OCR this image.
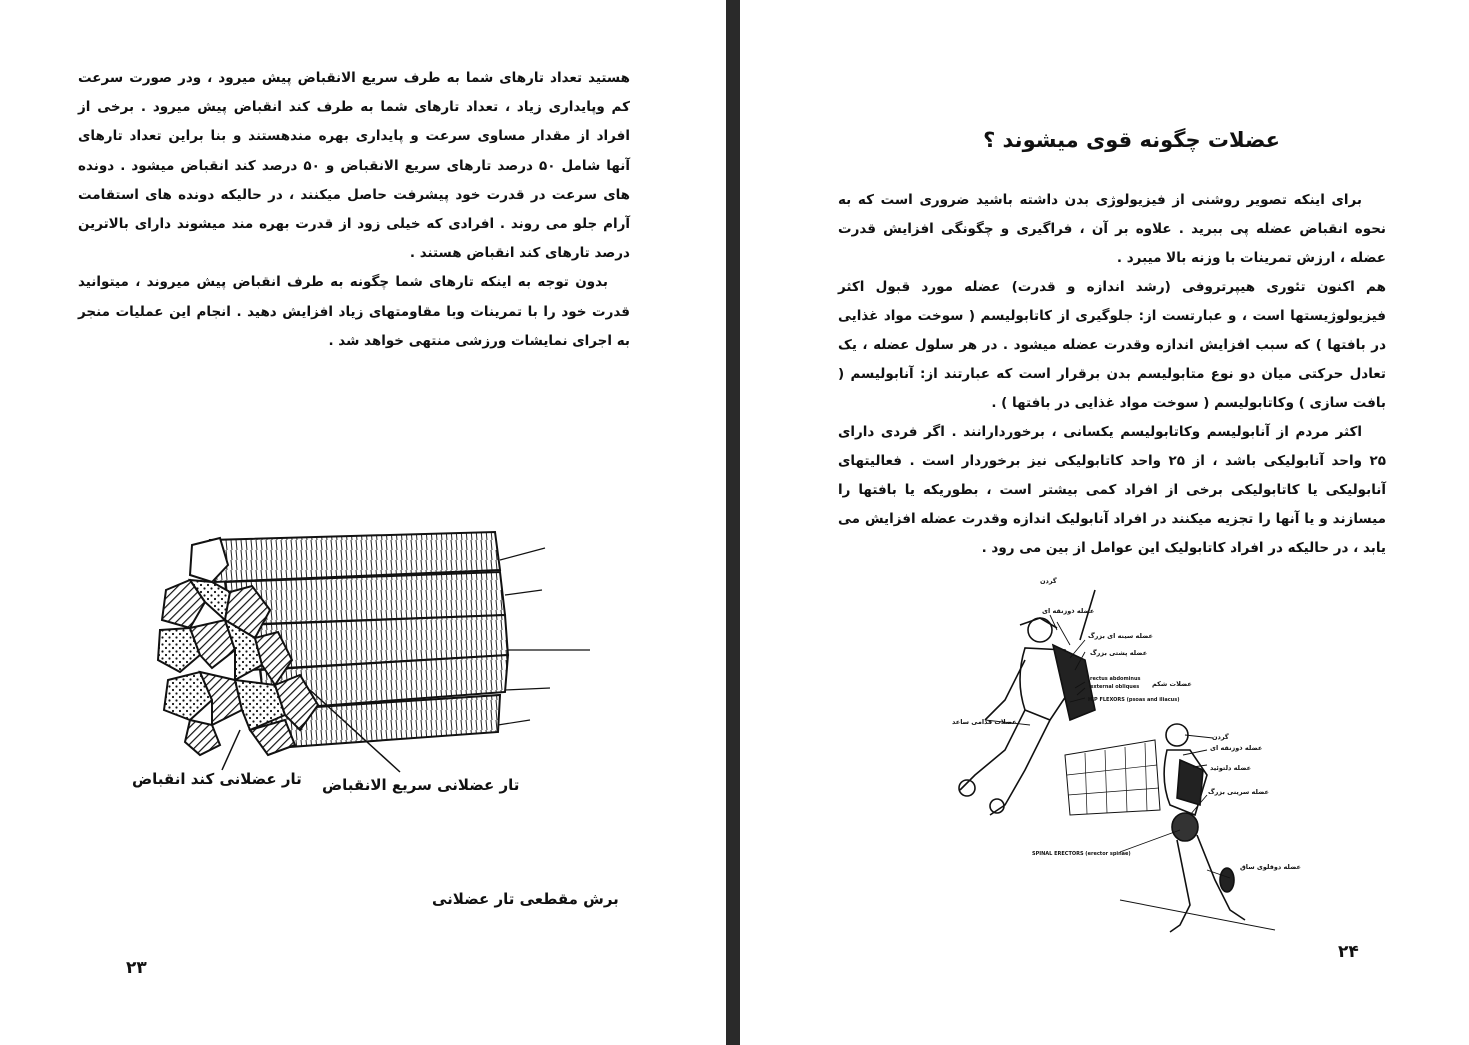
هستید تعداد تارهای شما به طرف سریع الانقباض پیش میرود ، ودر صورت سرعت کم وپایداری زیاد ، تعداد تارهای شما به طرف کند انقباض پیش میرود . برخی از افراد از مقدار مساوی سرعت و پایداری بهره مندهستند و بنا براین تعداد تارهای آنها شامل ۵۰ درصد تارهای سریع الانقباض و ۵۰ درصد کند انقباض میشود . دونده های سرعت در قدرت خود پیشرفت حاصل میکنند ، در حالیکه دونده های استقامت آرام جلو می روند . افرادی که خیلی زود از قدرت بهره مند میشوند دارای بالاترین درصد تارهای کند انقباض هستند .

بدون توجه به اینکه تارهای شما چگونه به طرف انقباض پیش میروند ، میتوانید قدرت خود را با تمرینات وبا مقاومتهای زیاد افزایش دهید . انجام این عملیات منجر به اجرای نمایشات ورزشی منتهی خواهد شد .

تار عضلانی کند انقباض تار عضلانی سریع الانقباض
برش مقطعی تار عضلانی
۲۳
عضلات چگونه قوی میشوند ؟

برای اینکه تصویر روشنی از فیزیولوژی بدن داشته باشید ضروری است که به نحوه انقباض عضله پی ببرید . علاوه بر آن ، فراگیری و چگونگی افزایش قدرت عضله ، ارزش تمرینات با وزنه بالا میبرد .

هم اکنون تئوری هیپرتروفی (رشد اندازه و قدرت) عضله مورد قبول اکثر فیزیولوژیستها است ، و عبارتست از: جلوگیری از کاتابولیسم ( سوخت مواد غذایی در بافتها ) که سبب افزایش اندازه وقدرت عضله میشود . در هر سلول عضله ، یک تعادل حرکتی میان دو نوع متابولیسم بدن برقرار است که عبارتند از: آنابولیسم ( بافت سازی ) وکاتابولیسم ( سوخت مواد غذایی در بافتها ) .

اکثر مردم از آنابولیسم وکاتابولیسم یکسانی ، برخوردارانند . اگر فردی دارای ۲۵ واحد آنابولیکی باشد ، از ۲۵ واحد کاتابولیکی نیز برخوردار است . فعالیتهای آنابولیکی یا کاتابولیکی برخی از افراد کمی بیشتر است ، بطوریکه یا بافتها را میسازند و یا آنها را تجزیه میکنند در افراد آنابولیک اندازه وقدرت عضله افزایش می یابد ، در حالیکه در افراد کاتابولیک این عوامل از بین می رود .

گردن
عضله ذوزنقه ای
عضله سینه ای بزرگ
عضله پشتی بزرگ
rectus abdominus
external obliques عضلات شکم
HIP FLEXORS (psoas and iliacus)
عضلات قدامی ساعد
گردن
عضله ذوزنقه ای
عضله دلتوئید
عضله سرینی بزرگ
SPINAL ERECTORS (erector spinae)
عضله دوقلوی ساق
۲۴
